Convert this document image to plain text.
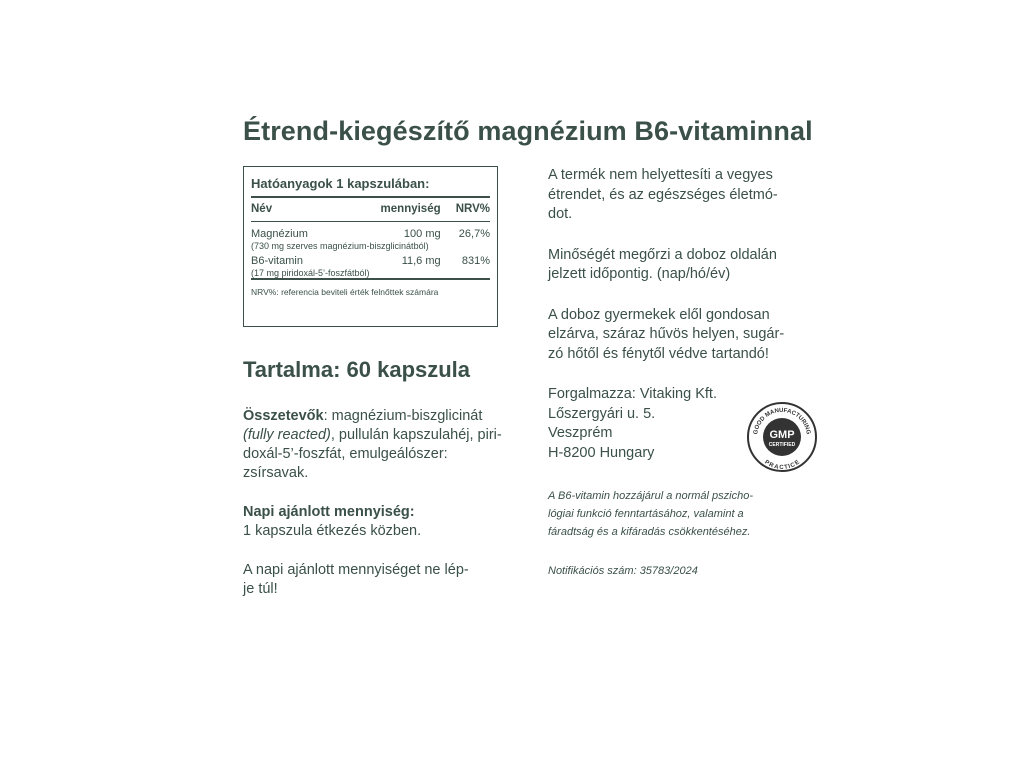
Étrend-kiegészítő magnézium B6-vitaminnal
Hatóanyagok 1 kapszulában:
Név	mennyiség	NRV%
Magnézium	100 mg	26,7%
(730 mg szerves magnézium-biszglicinátból)
B6-vitamin	11,6 mg	831%
(17 mg piridoxál-5’-foszfátból)
NRV%: referencia beviteli érték felnőttek számára
Tartalma: 60 kapszula
Összetevők: magnézium-biszglicinát
(fully reacted), pullulán kapszulahéj, piri-
doxál-5’-foszfát, emulgeálószer: zsírsavak.
Napi ajánlott mennyiség:
1 kapszula étkezés közben.
A napi ajánlott mennyiséget ne lép-
je túl!
A termék nem helyettesíti a vegyes
étrendet, és az egészséges életmó-
dot.
Minőségét megőrzi a doboz oldalán
jelzett időpontig. (nap/hó/év)
A doboz gyermekek elől gondosan
elzárva, száraz hűvös helyen, sugár-
zó hőtől és fénytől védve tartandó!
Forgalmazza: Vitaking Kft.
Lőszergyári u. 5.
Veszprém
H-8200 Hungary
GOOD MANUFACTURING
PRACTICE
GMP
CERTIFIED
A B6-vitamin hozzájárul a normál pszicho-
lógiai funkció fenntartásához, valamint a
fáradtság és a kifáradás csökkentéséhez.
Notifikációs szám: 35783/2024
